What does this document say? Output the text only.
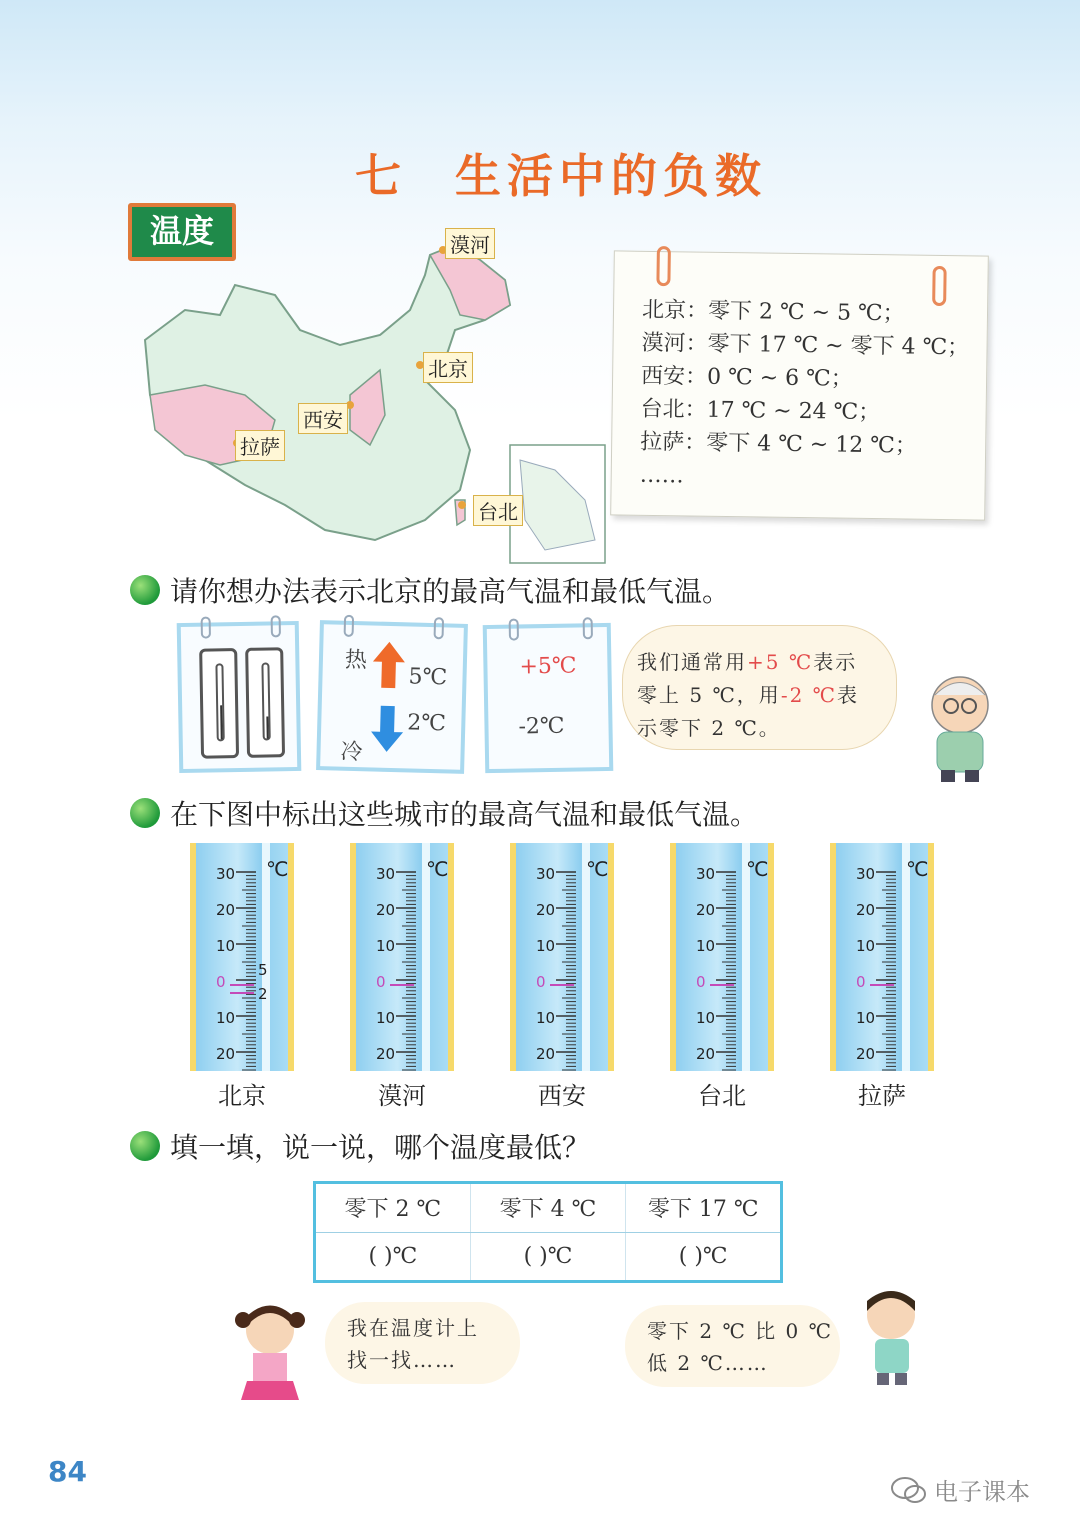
七 生活中的负数
温度	漠河
北京
西安
拉萨
台北
北京：零下 2 ℃ ~ 5 ℃；
漠河：零下 17 ℃ ~ 零下 4 ℃；
西安：0 ℃ ~ 6 ℃；
台北：17 ℃ ~ 24 ℃；
拉萨：零下 4 ℃ ~ 12 ℃；
……
请你想办法表示北京的最高气温和最低气温。
热
5℃
2℃
冷
+5℃
-2℃
我们通常用+5 ℃表示
零上 5 ℃，用-2 ℃表
示零下 2 ℃。
在下图中标出这些城市的最高气温和最低气温。
30
20
10
0
10
20
℃
5
2
北京
30
20
10
0
10
20
℃
漠河
30
20
10
0
10
20
℃
西安
30
20
10
0
10
20
℃
台北
30
20
10
0
10
20
℃
拉萨
填一填，说一说，哪个温度最低？
零下 2 ℃	零下 4 ℃	零下 17 ℃
( )℃	( )℃	( )℃
我在温度计上
找一找……
零下 2 ℃ 比 0 ℃
低 2 ℃……
84
电子课本
